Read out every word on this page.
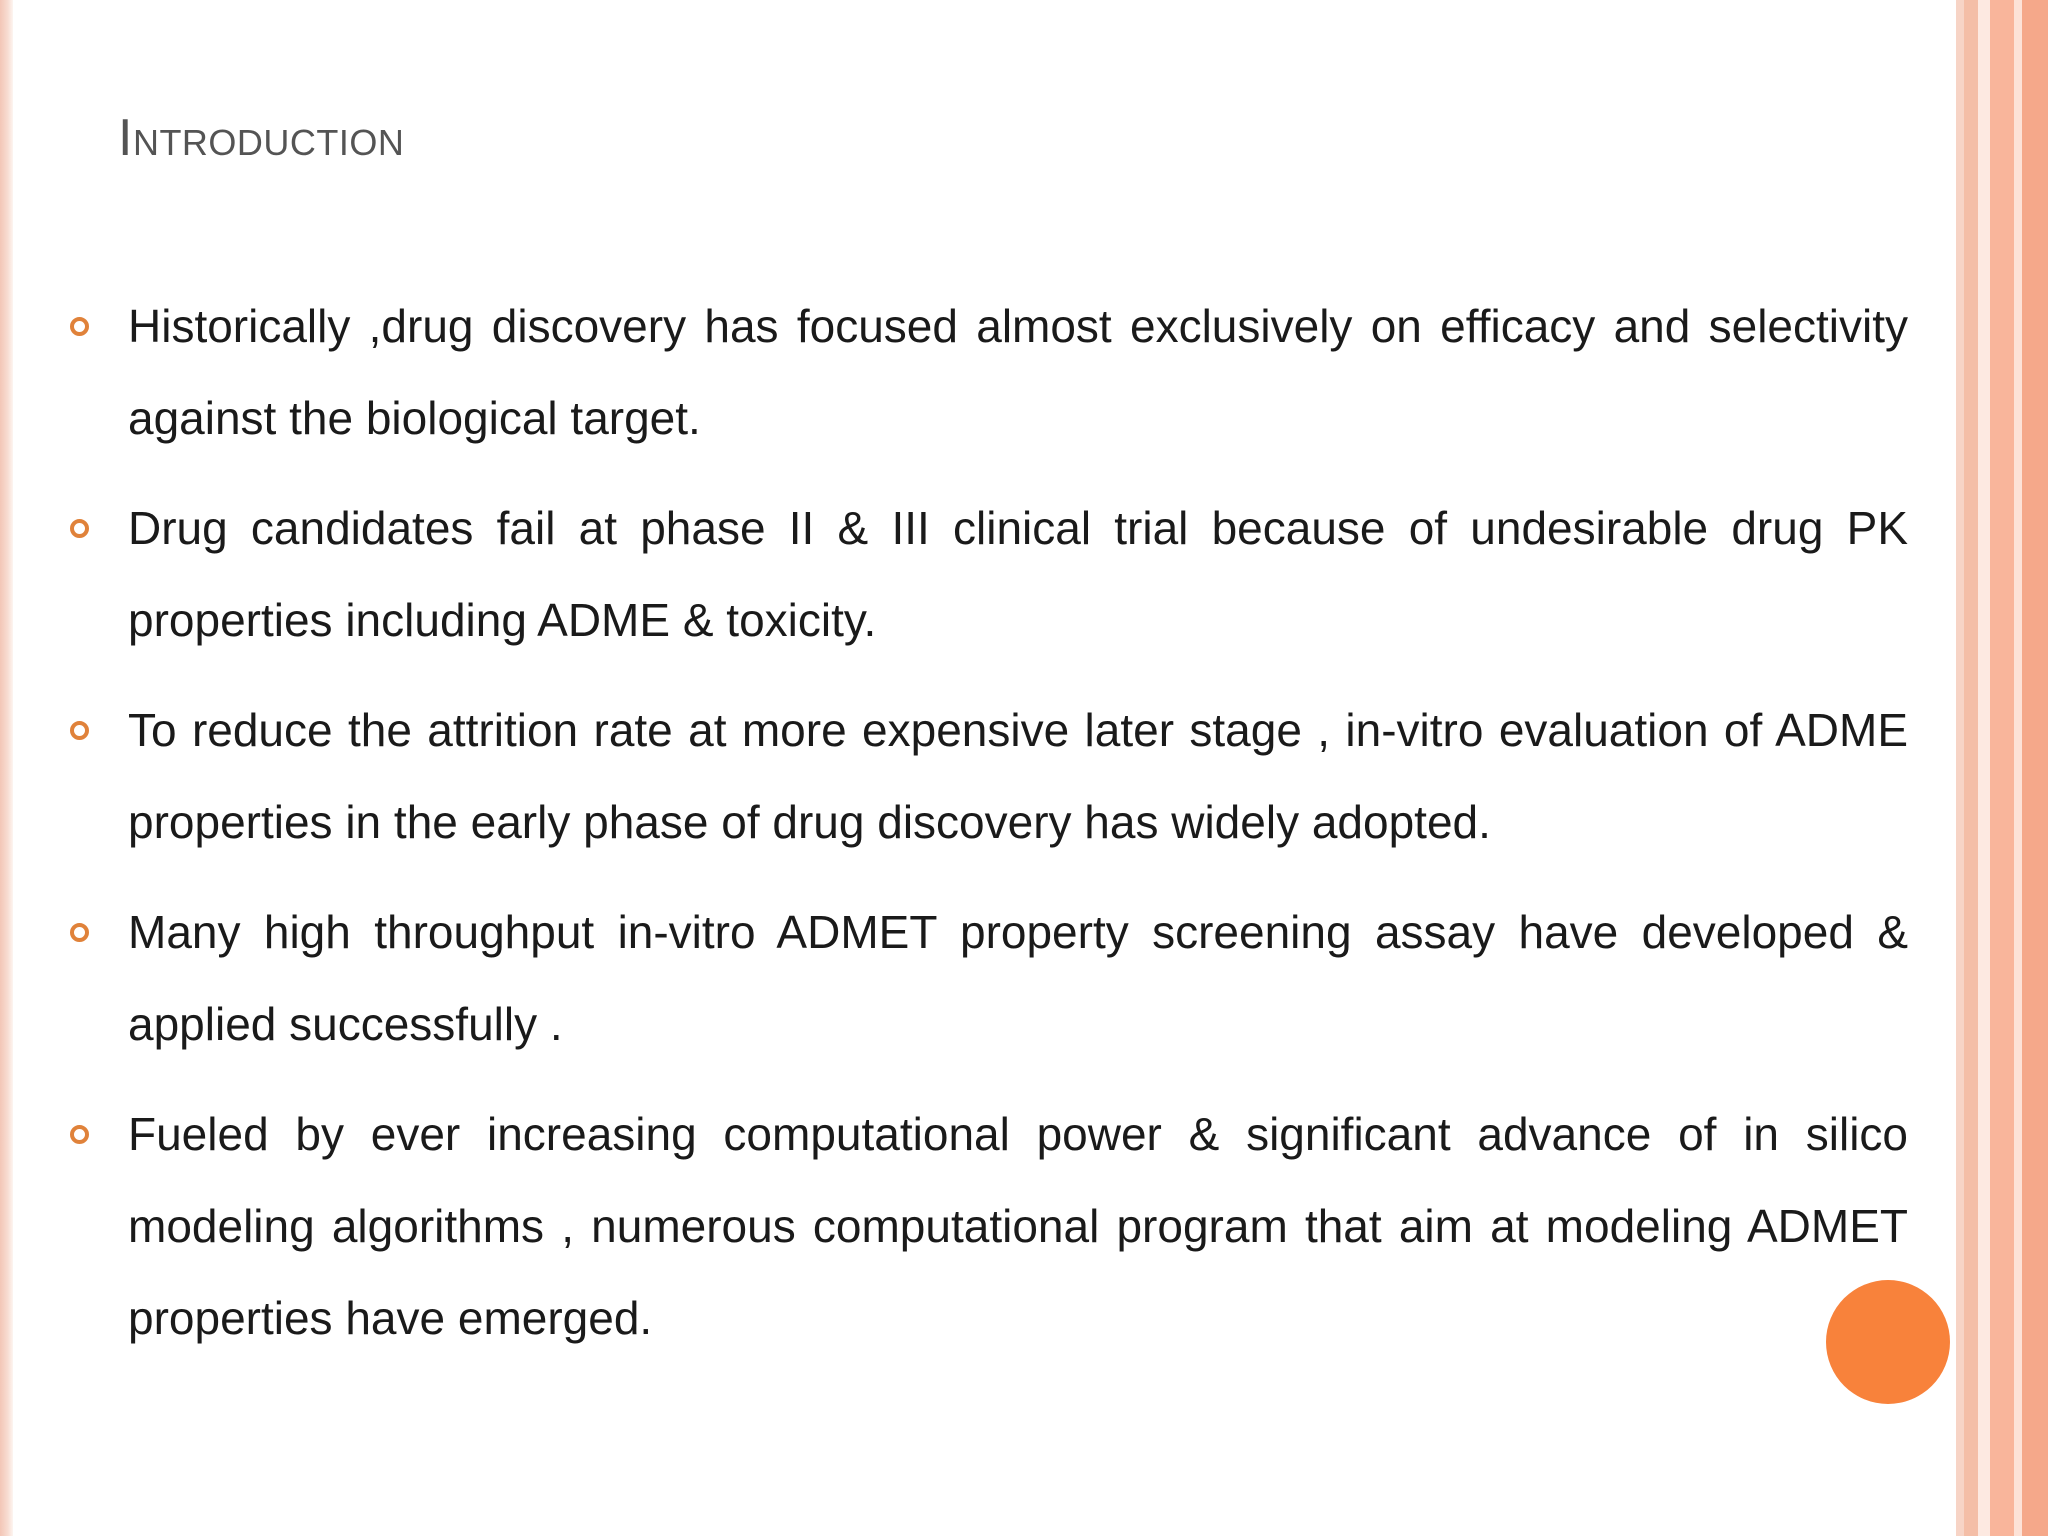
Introduction
Historically ,drug discovery has focused almost exclusively on efficacy and selectivity against the biological target.
Drug candidates fail at phase II & III clinical trial because of undesirable drug PK properties including ADME & toxicity.
To reduce the attrition rate at more expensive later stage , in-vitro evaluation of ADME properties in the early phase of drug discovery has widely adopted.
Many high throughput in-vitro ADMET property screening assay have developed & applied successfully .
Fueled by ever increasing computational power & significant advance of in silico modeling algorithms , numerous computational program that aim at modeling ADMET properties have emerged.
